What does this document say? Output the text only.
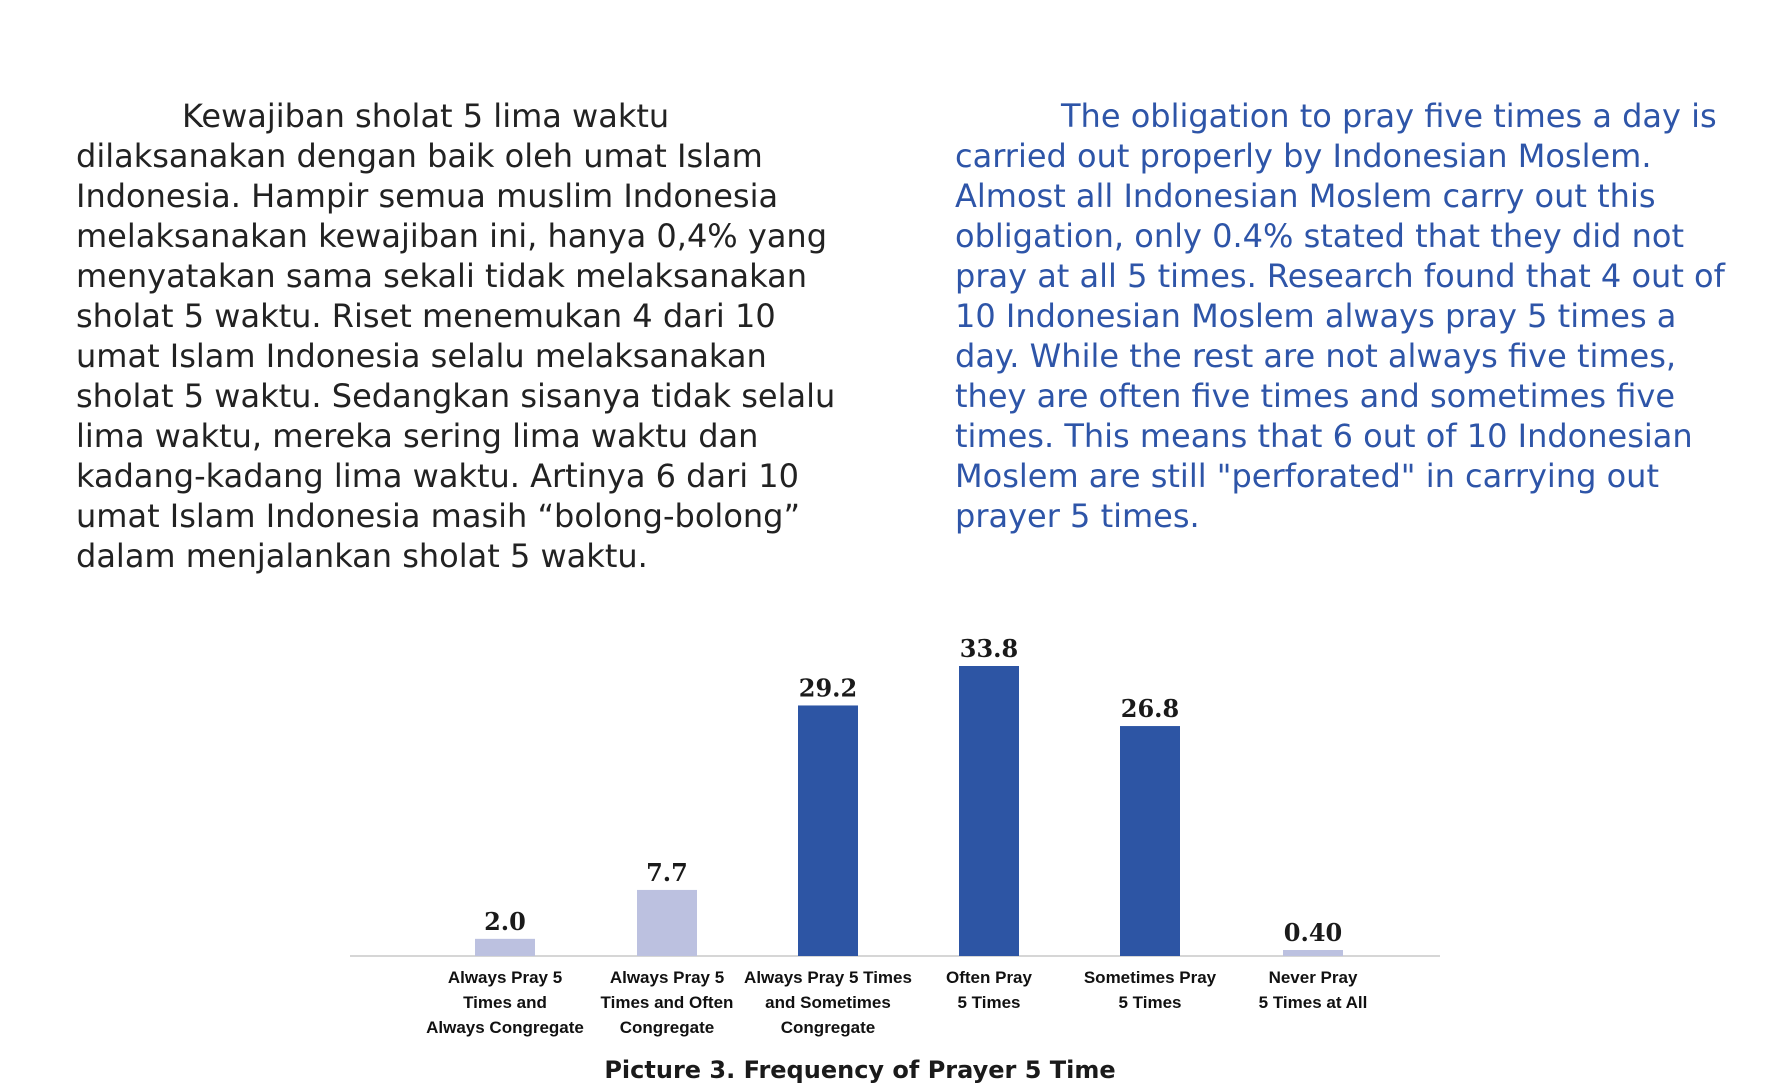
Kewajiban sholat 5 lima waktu

dilaksanakan dengan baik oleh umat Islam

Indonesia. Hampir semua muslim Indonesia

melaksanakan kewajiban ini, hanya 0,4% yang

menyatakan sama sekali tidak melaksanakan

sholat 5 waktu. Riset menemukan 4 dari 10

umat Islam Indonesia selalu melaksanakan

sholat 5 waktu. Sedangkan sisanya tidak selalu

lima waktu, mereka sering lima waktu dan

kadang-kadang lima waktu. Artinya 6 dari 10

umat Islam Indonesia masih “bolong-bolong”

dalam menjalankan sholat 5 waktu.

The obligation to pray five times a day is

carried out properly by Indonesian Moslem.

Almost all Indonesian Moslem carry out this

obligation, only 0.4% stated that they did not

pray at all 5 times. Research found that 4 out of

10 Indonesian Moslem always pray 5 times a

day. While the rest are not always five times,

they are often five times and sometimes five

times. This means that 6 out of 10 Indonesian

Moslem are still "perforated" in carrying out

prayer 5 times.

2.0
Always Pray 5 Times and Always Congregate
7.7
Always Pray 5 Times and Often Congregate
29.2
Always Pray 5 Times and Sometimes Congregate
33.8
Often Pray 5 Times
26.8
Sometimes Pray 5 Times
0.40
Never Pray 5 Times at All
Picture 3. Frequency of Prayer 5 Time
